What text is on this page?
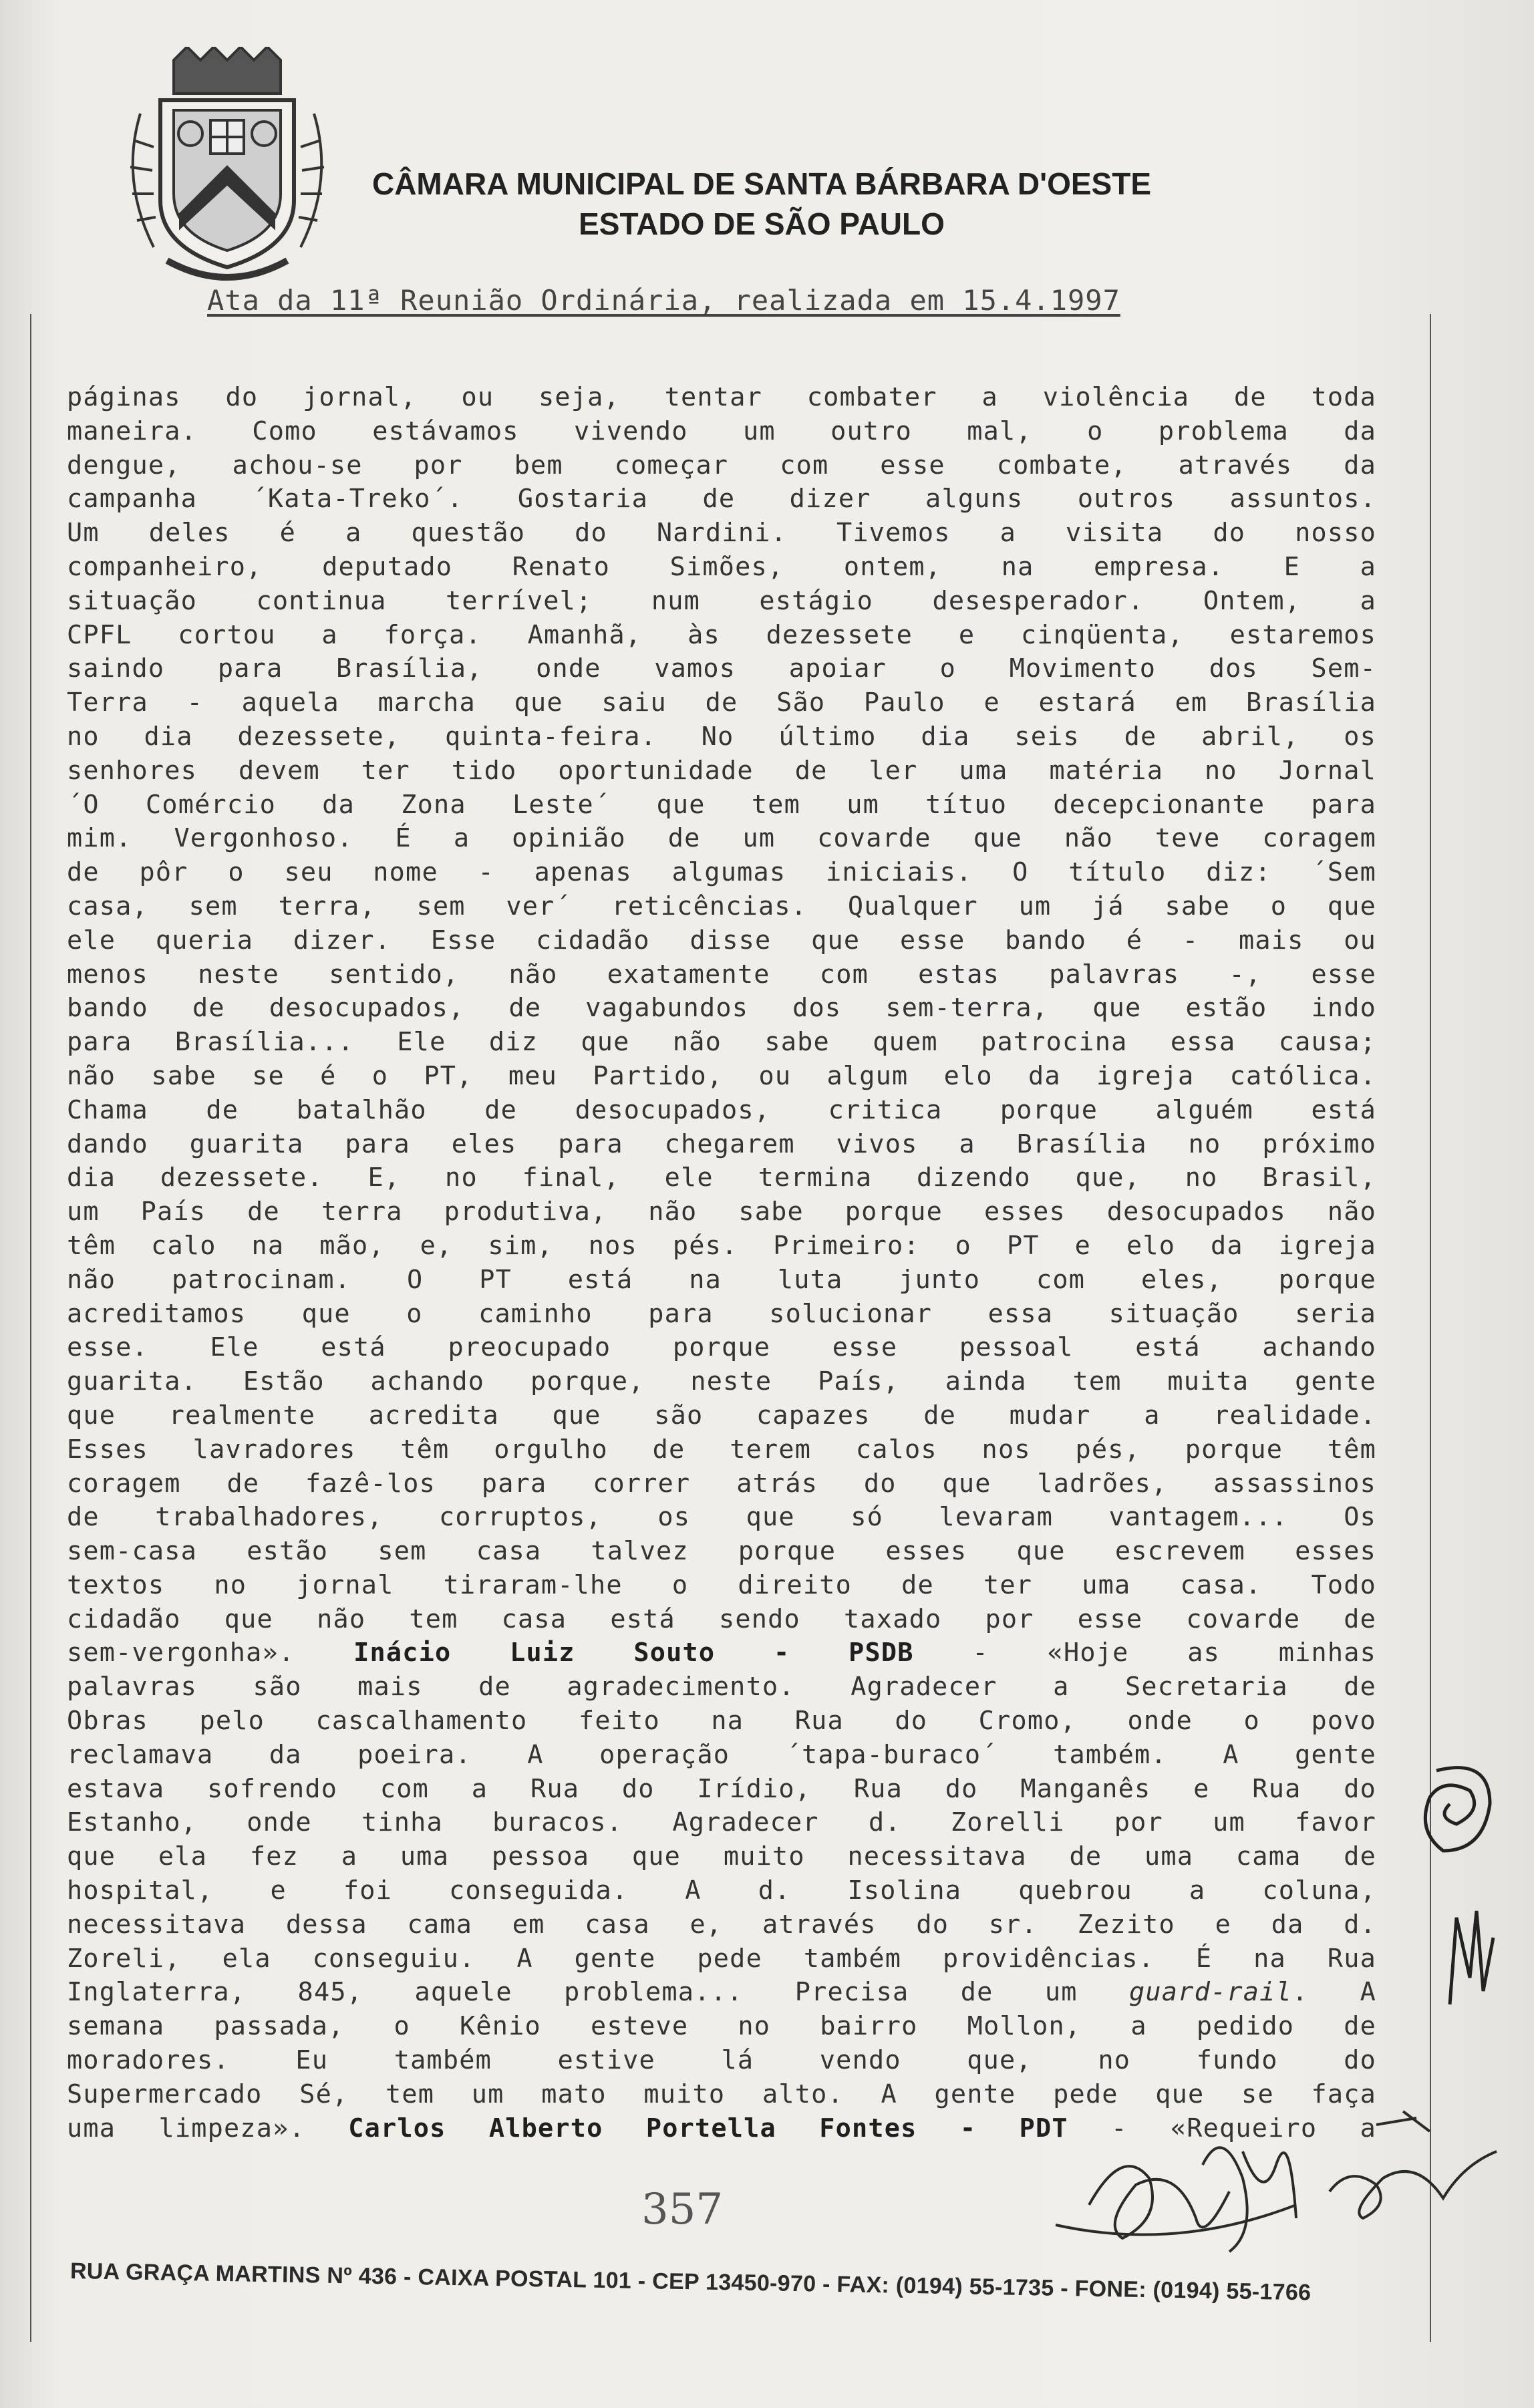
CÂMARA MUNICIPAL DE SANTA BÁRBARA D'OESTE
ESTADO DE SÃO PAULO
Ata da 11ª Reunião Ordinária, realizada em 15.4.1997
páginas do jornal, ou seja, tentar combater a violência de toda
maneira. Como estávamos vivendo um outro mal, o problema da
dengue, achou-se por bem começar com esse combate, através da
campanha ´Kata-Treko´. Gostaria de dizer alguns outros assuntos.
Um deles é a questão do Nardini. Tivemos a visita do nosso
companheiro, deputado Renato Simões, ontem, na empresa. E a
situação continua terrível; num estágio desesperador. Ontem, a
CPFL cortou a força. Amanhã, às dezessete e cinqüenta, estaremos
saindo para Brasília, onde vamos apoiar o Movimento dos Sem-
Terra - aquela marcha que saiu de São Paulo e estará em Brasília
no dia dezessete, quinta-feira. No último dia seis de abril, os
senhores devem ter tido oportunidade de ler uma matéria no Jornal
´O Comércio da Zona Leste´ que tem um títuo decepcionante para
mim. Vergonhoso. É a opinião de um covarde que não teve coragem
de pôr o seu nome - apenas algumas iniciais. O título diz: ´Sem
casa, sem terra, sem ver´ reticências. Qualquer um já sabe o que
ele queria dizer. Esse cidadão disse que esse bando é - mais ou
menos neste sentido, não exatamente com estas palavras -, esse
bando de desocupados, de vagabundos dos sem-terra, que estão indo
para Brasília... Ele diz que não sabe quem patrocina essa causa;
não sabe se é o PT, meu Partido, ou algum elo da igreja católica.
Chama de batalhão de desocupados, critica porque alguém está
dando guarita para eles para chegarem vivos a Brasília no próximo
dia dezessete. E, no final, ele termina dizendo que, no Brasil,
um País de terra produtiva, não sabe porque esses desocupados não
têm calo na mão, e, sim, nos pés. Primeiro: o PT e elo da igreja
não patrocinam. O PT está na luta junto com eles, porque
acreditamos que o caminho para solucionar essa situação seria
esse. Ele está preocupado porque esse pessoal está achando
guarita. Estão achando porque, neste País, ainda tem muita gente
que realmente acredita que são capazes de mudar a realidade.
Esses lavradores têm orgulho de terem calos nos pés, porque têm
coragem de fazê-los para correr atrás do que ladrões, assassinos
de trabalhadores, corruptos, os que só levaram vantagem... Os
sem-casa estão sem casa talvez porque esses que escrevem esses
textos no jornal tiraram-lhe o direito de ter uma casa. Todo
cidadão que não tem casa está sendo taxado por esse covarde de
sem-vergonha». Inácio Luiz Souto - PSDB - «Hoje as minhas
palavras são mais de agradecimento. Agradecer a Secretaria de
Obras pelo cascalhamento feito na Rua do Cromo, onde o povo
reclamava da poeira. A operação ´tapa-buraco´ também. A gente
estava sofrendo com a Rua do Irídio, Rua do Manganês e Rua do
Estanho, onde tinha buracos. Agradecer d. Zorelli por um favor
que ela fez a uma pessoa que muito necessitava de uma cama de
hospital, e foi conseguida. A d. Isolina quebrou a coluna,
necessitava dessa cama em casa e, através do sr. Zezito e da d.
Zoreli, ela conseguiu. A gente pede também providências. É na Rua
Inglaterra, 845, aquele problema... Precisa de um guard-rail. A
semana passada, o Kênio esteve no bairro Mollon, a pedido de
moradores. Eu também estive lá vendo que, no fundo do
Supermercado Sé, tem um mato muito alto. A gente pede que se faça
uma limpeza». Carlos Alberto Portella Fontes - PDT - «Requeiro a
357
RUA GRAÇA MARTINS Nº 436 - CAIXA POSTAL 101 - CEP 13450-970 - FAX: (0194) 55-1735 - FONE: (0194) 55-1766
